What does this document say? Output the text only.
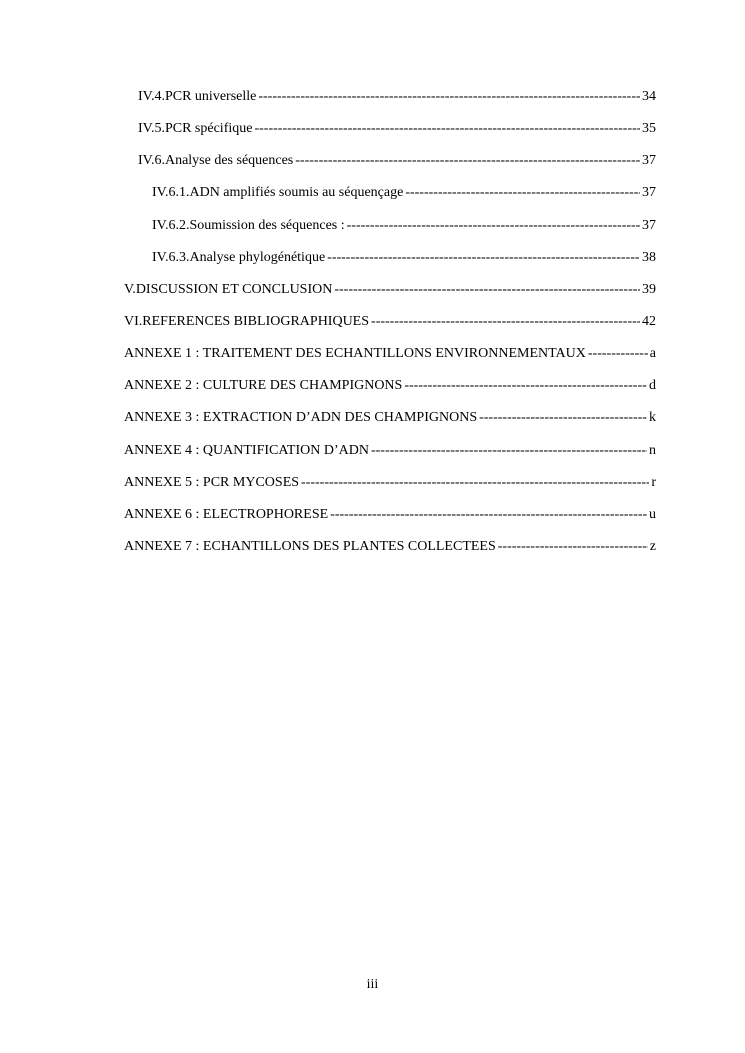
IV.4. PCR universelle -----	34
IV.5. PCR spécifique -----	35
IV.6. Analyse des séquences -----	37
IV.6.1. ADN amplifiés soumis au séquençage -----	37
IV.6.2. Soumission des séquences : -----	37
IV.6.3. Analyse phylogénétique -----	38
V. DISCUSSION ET CONCLUSION -----	39
VI. REFERENCES BIBLIOGRAPHIQUES -----	42
ANNEXE 1 : TRAITEMENT DES ECHANTILLONS ENVIRONNEMENTAUX -----	a
ANNEXE 2 : CULTURE DES CHAMPIGNONS -----	d
ANNEXE 3 : EXTRACTION D’ADN DES CHAMPIGNONS -----	k
ANNEXE 4 : QUANTIFICATION D’ADN -----	n
ANNEXE 5 : PCR MYCOSES -----	r
ANNEXE 6 : ELECTROPHORESE -----	u
ANNEXE 7 : ECHANTILLONS DES PLANTES COLLECTEES -----	z
iii
